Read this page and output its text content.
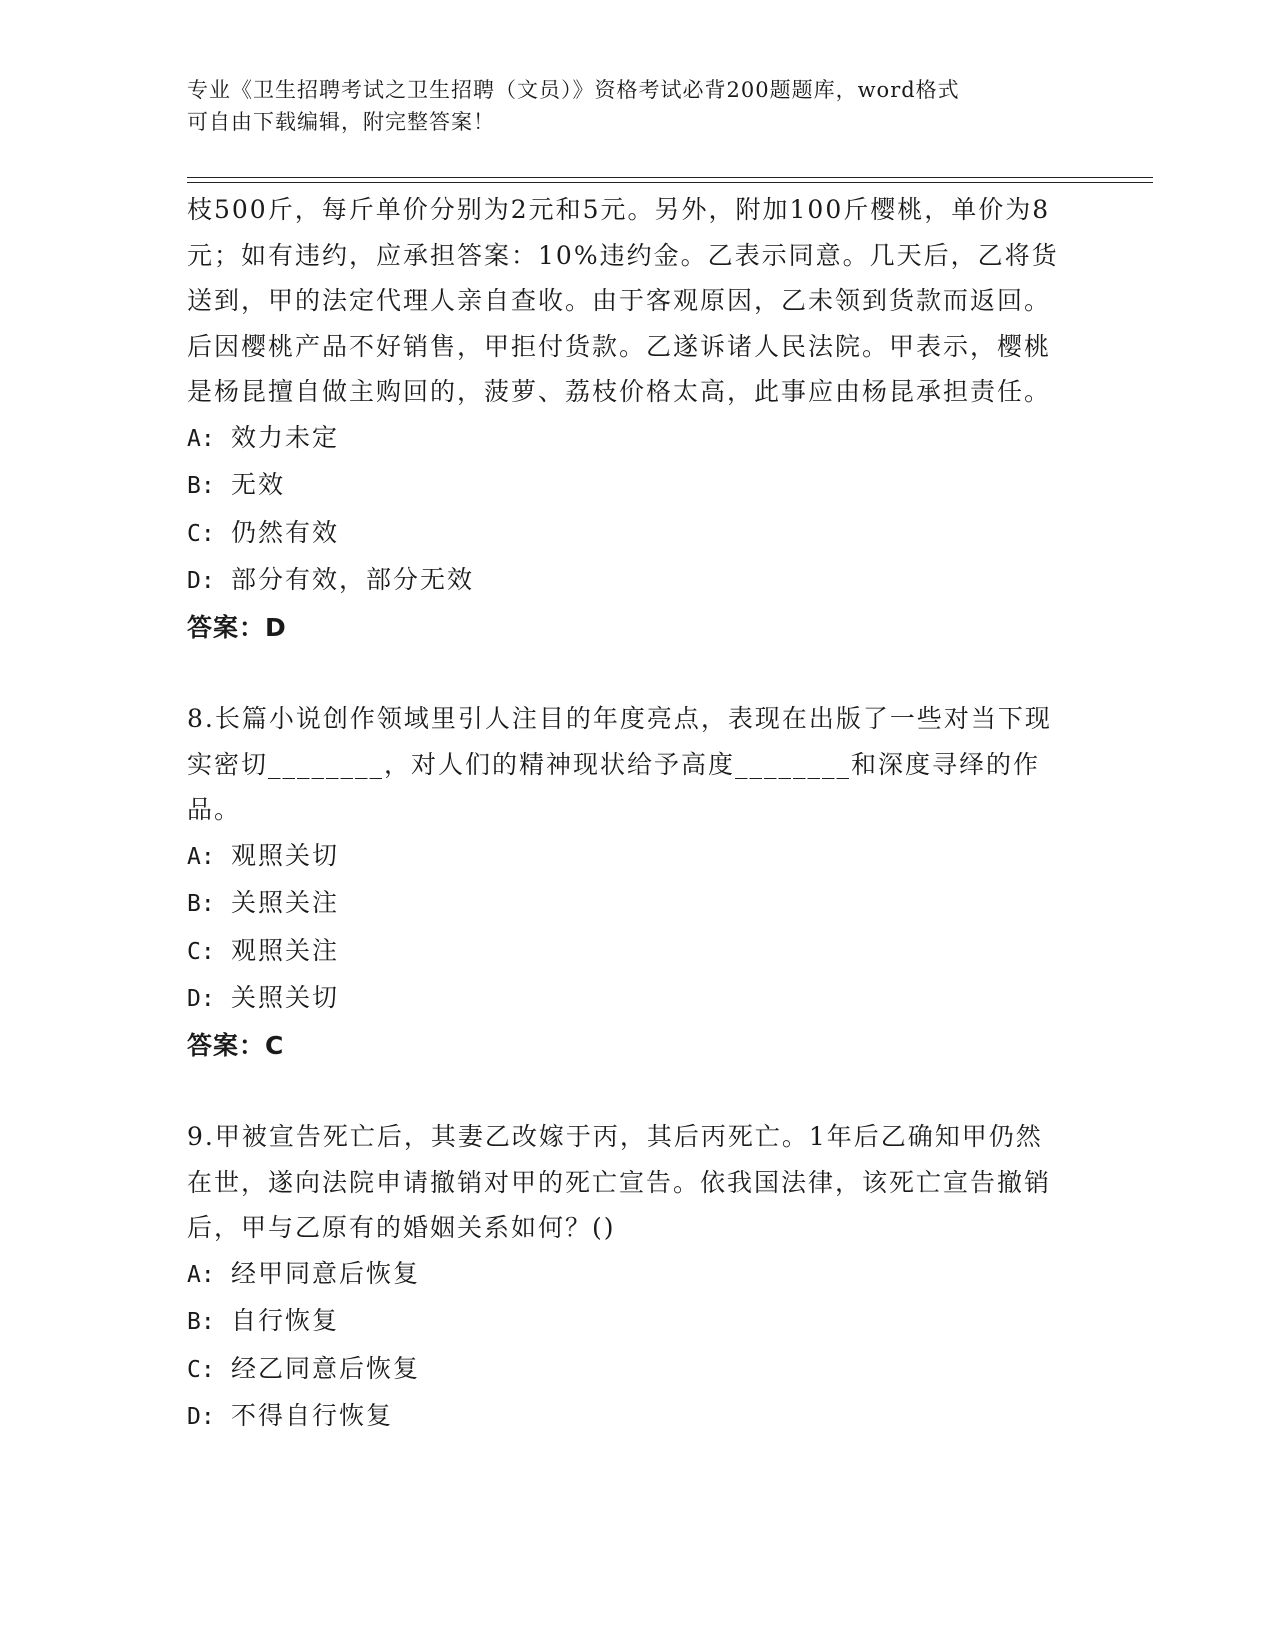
专业《卫生招聘考试之卫生招聘（文员）》资格考试必背200题题库，word格式
可自由下载编辑，附完整答案！

枝500斤，每斤单价分别为2元和5元。另外，附加100斤樱桃，单价为8元；如有违约，应承担答案：10%违约金。乙表示同意。几天后，乙将货送到，甲的法定代理人亲自查收。由于客观原因，乙未领到货款而返回。后因樱桃产品不好销售，甲拒付货款。乙遂诉诸人民法院。甲表示，樱桃是杨昆擅自做主购回的，菠萝、荔枝价格太高，此事应由杨昆承担责任。

A: 效力未定

B: 无效

C: 仍然有效

D: 部分有效，部分无效

答案：D

8.长篇小说创作领域里引人注目的年度亮点，表现在出版了一些对当下现实密切________，对人们的精神现状给予高度________和深度寻绎的作品。

A: 观照关切

B: 关照关注

C: 观照关注

D: 关照关切

答案：C

9.甲被宣告死亡后，其妻乙改嫁于丙，其后丙死亡。1年后乙确知甲仍然在世，遂向法院申请撤销对甲的死亡宣告。依我国法律，该死亡宣告撤销后，甲与乙原有的婚姻关系如何？()

A: 经甲同意后恢复

B: 自行恢复

C: 经乙同意后恢复

D: 不得自行恢复
